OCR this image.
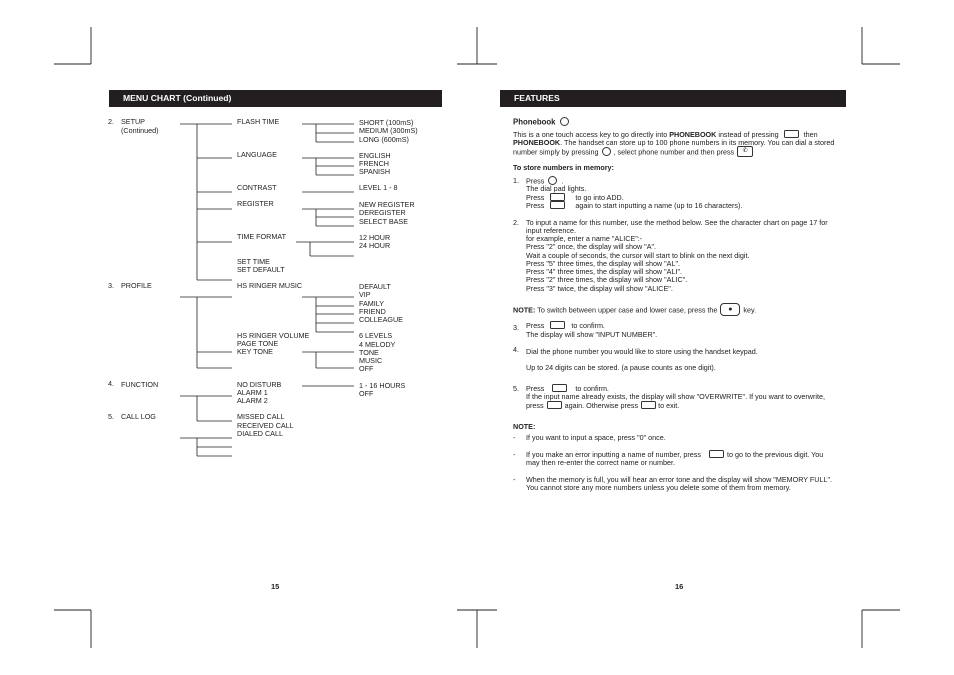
MENU CHART (Continued)
2. SETUP
(Continued)
3. PROFILE
4. FUNCTION
5. CALL LOG
FLASH TIME
LANGUAGE
CONTRAST
REGISTER
TIME FORMAT
SET TIME
SET DEFAULT
HS RINGER MUSIC
HS RINGER VOLUME
PAGE TONE
KEY TONE
NO DISTURB
ALARM 1
ALARM 2
MISSED CALL
RECEIVED CALL
DIALED CALL
SHORT (100mS)
MEDIUM (300mS)
LONG (600mS)
ENGLISH
FRENCH
SPANISH
LEVEL 1 - 8
NEW REGISTER
DEREGISTER
SELECT BASE
12 HOUR
24 HOUR
DEFAULT
VIP
FAMILY
FRIEND
COLLEAGUE
6 LEVELS
4 MELODY
TONE
MUSIC
OFF
1 - 16 HOURS
OFF
15
FEATURES
Phonebook
This is a one touch access key to go directly into PHONEBOOK instead of pressing	then
PHONEBOOK. The handset can store up to 100 phone numbers in its memory. You can dial a stored
number simply by pressing , select phone number and then press ✆
To store numbers in memory:
1. Press .
The dial pad lights.
Press	to go into ADD.
Press	again to start inputting a name (up to 16 characters).
2. To input a name for this number, use the method below. See the character chart on page 17 for
input reference.
for example, enter a name "ALICE":-
Press "2" once, the display will show "A".
Wait a couple of seconds, the cursor will start to blink on the next digit.
Press "5" three times, the display will show "AL".
Press "4" three times, the display will show "ALI".
Press "2" three times, the display will show "ALIC".
Press "3" twice, the display will show "ALICE".
NOTE: To switch between upper case and lower case, press the ● key.
3. Press	to confirm.
The display will show "INPUT NUMBER".
4. Dial the phone number you would like to store using the handset keypad.
Up to 24 digits can be stored. (a pause counts as one digit).
5. Press	to confirm.
If the input name already exists, the display will show "OVERWRITE". If you want to overwrite,
press	again. Otherwise press	to exit.
NOTE:
- If you want to input a space, press "0" once.
- If you make an error inputting a name of number, press	to go to the previous digit. You
may then re-enter the correct name or number.
- When the memory is full, you will hear an error tone and the display will show "MEMORY FULL".
You cannot store any more numbers unless you delete some of them from memory.
16
